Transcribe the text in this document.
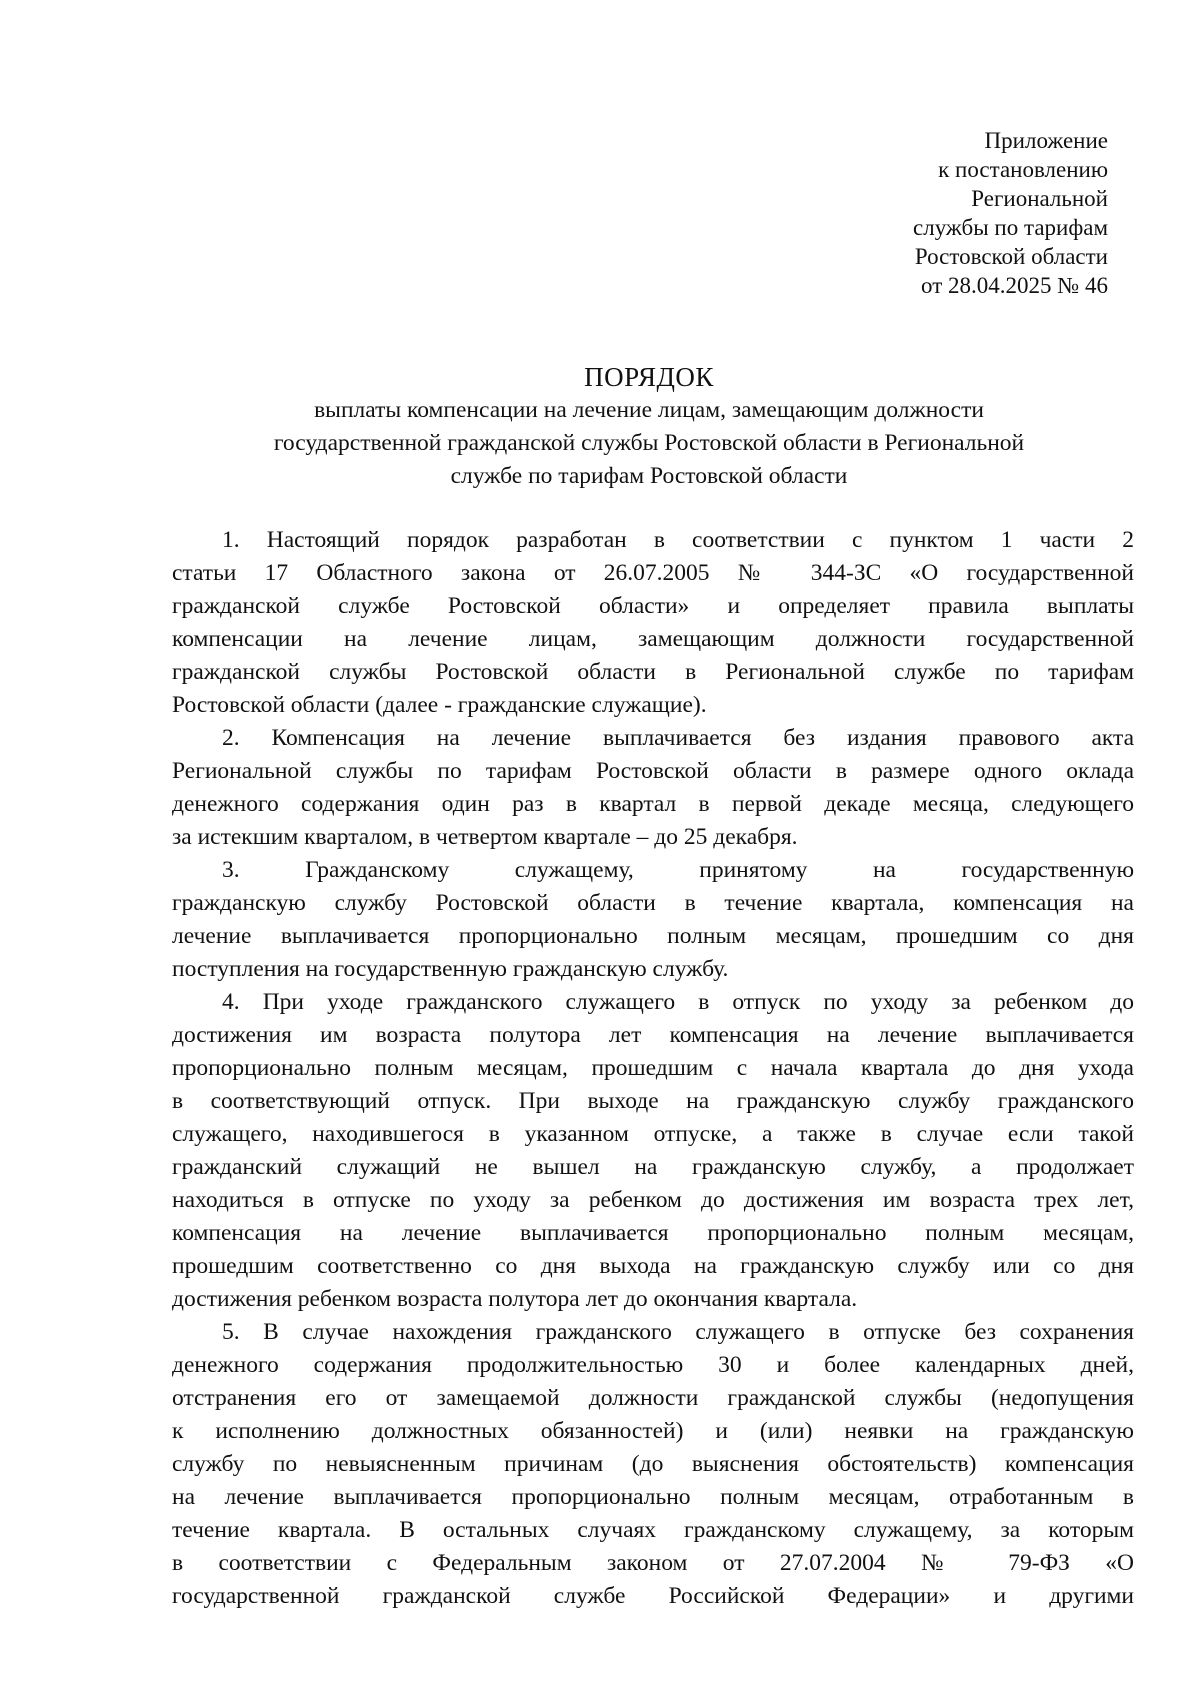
Приложение
к постановлению
Региональной
службы по тарифам
Ростовской области
от 28.04.2025 № 46
ПОРЯДОК
выплаты компенсации на лечение лицам, замещающим должности
государственной гражданской службы Ростовской области в Региональной
службе по тарифам Ростовской области
1. Настоящий порядок разработан в соответствии с пунктом 1 части 2
статьи 17 Областного закона от 26.07.2005 № 344-ЗС «О государственной
гражданской службе Ростовской области» и определяет правила выплаты
компенсации на лечение лицам, замещающим должности государственной
гражданской службы Ростовской области в Региональной службе по тарифам
Ростовской области (далее - гражданские служащие).
2. Компенсация на лечение выплачивается без издания правового акта
Региональной службы по тарифам Ростовской области в размере одного оклада
денежного содержания один раз в квартал в первой декаде месяца, следующего
за истекшим кварталом, в четвертом квартале – до 25 декабря.
3. Гражданскому служащему, принятому на государственную
гражданскую службу Ростовской области в течение квартала, компенсация на
лечение выплачивается пропорционально полным месяцам, прошедшим со дня
поступления на государственную гражданскую службу.
4. При уходе гражданского служащего в отпуск по уходу за ребенком до
достижения им возраста полутора лет компенсация на лечение выплачивается
пропорционально полным месяцам, прошедшим с начала квартала до дня ухода
в соответствующий отпуск. При выходе на гражданскую службу гражданского
служащего, находившегося в указанном отпуске, а также в случае если такой
гражданский служащий не вышел на гражданскую службу, а продолжает
находиться в отпуске по уходу за ребенком до достижения им возраста трех лет,
компенсация на лечение выплачивается пропорционально полным месяцам,
прошедшим соответственно со дня выхода на гражданскую службу или со дня
достижения ребенком возраста полутора лет до окончания квартала.
5. В случае нахождения гражданского служащего в отпуске без сохранения
денежного содержания продолжительностью 30 и более календарных дней,
отстранения его от замещаемой должности гражданской службы (недопущения
к исполнению должностных обязанностей) и (или) неявки на гражданскую
службу по невыясненным причинам (до выяснения обстоятельств) компенсация
на лечение выплачивается пропорционально полным месяцам, отработанным в
течение квартала. В остальных случаях гражданскому служащему, за которым
в соответствии с Федеральным законом от 27.07.2004 № 79-ФЗ «О
государственной гражданской службе Российской Федерации» и другими
